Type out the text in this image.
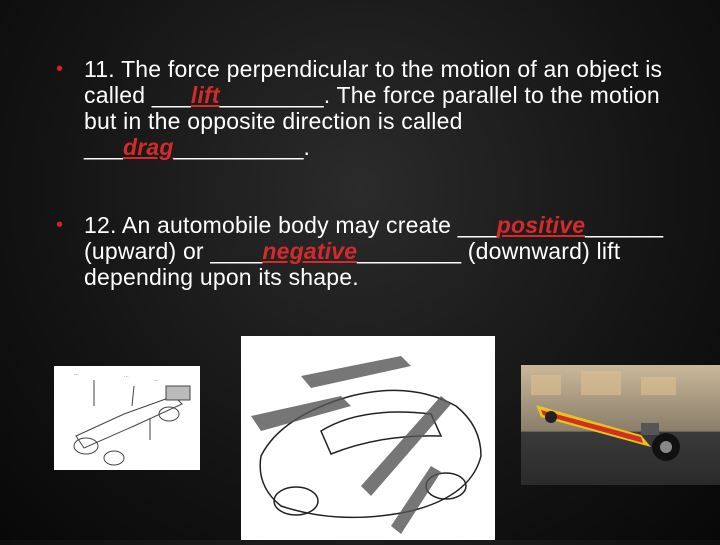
• 11. The force perpendicular to the motion of an object is called ___lift________. The force parallel to the motion but in the opposite direction is called ___drag__________.
• 12. An automobile body may create ___positive______ (upward) or ____negative________ (downward) lift depending upon its shape.
···	···
···
